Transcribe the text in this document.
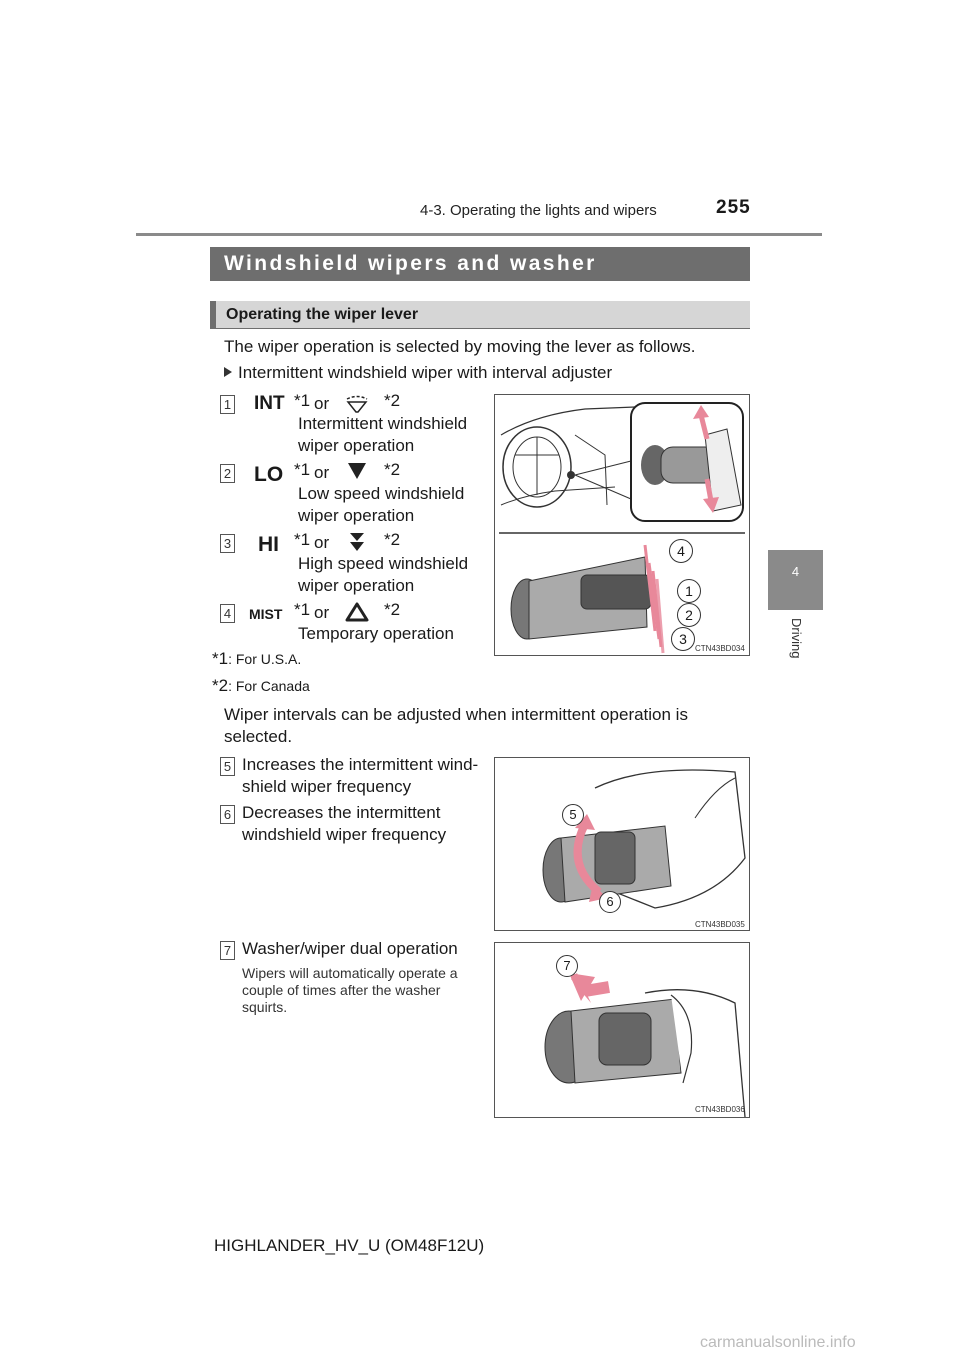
4-3. Operating the lights and wipers	255
4
Driving
Windshield wipers and washer
Operating the wiper lever
The wiper operation is selected by moving the lever as follows.
Intermittent windshield wiper with interval adjuster
1 INT *1 or	*2
Intermittent windshield
wiper operation
2 LO *1 or	*2
Low speed windshield
wiper operation
3 HI *1 or	*2
High speed windshield
wiper operation
4 MIST *1 or	*2
Temporary operation
4
1
2
3
CTN43BD034
*1: For U.S.A.
*2: For Canada
Wiper intervals can be adjusted when intermittent operation is
selected.
5 Increases the intermittent wind-
shield wiper frequency
6 Decreases the intermittent
windshield wiper frequency
5
6
CTN43BD035
7 Washer/wiper dual operation
Wipers will automatically operate a
couple of times after the washer
squirts.
7
CTN43BD036
HIGHLANDER_HV_U (OM48F12U)
carmanualsonline.info
